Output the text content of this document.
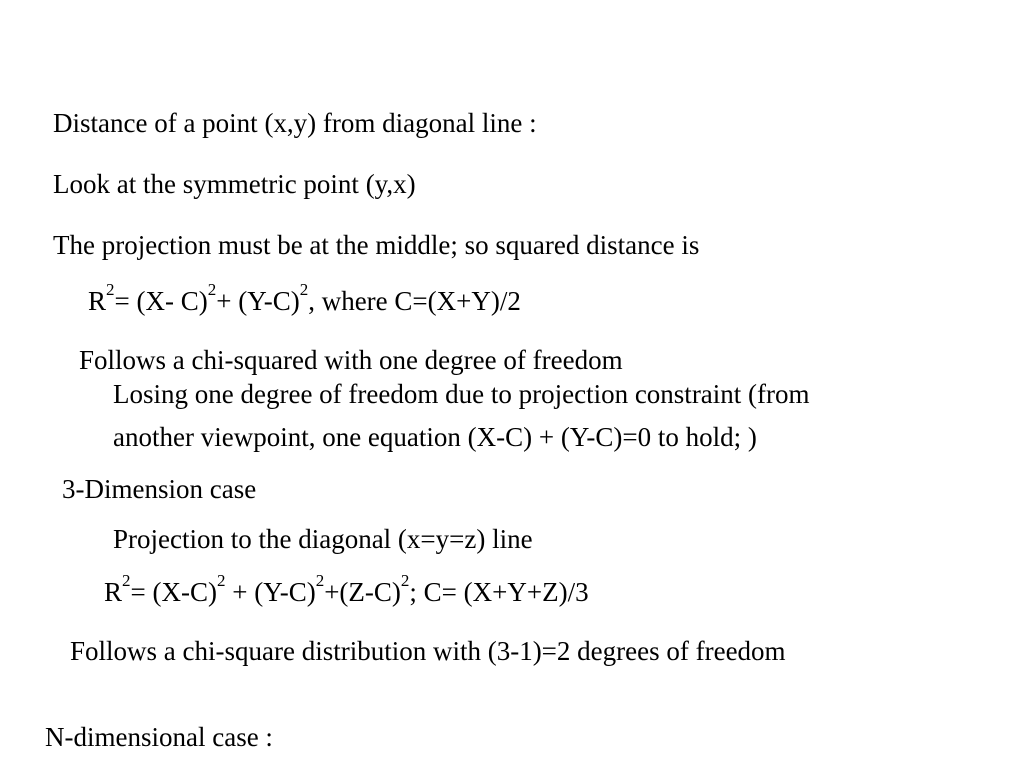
Distance of a point (x,y) from diagonal line :

Look at the symmetric point (y,x)

The projection must be at the middle; so squared distance is

$R^2= (X-$ $C)^2+ (Y-C)^2$, where C=(X+Y)/2

Follows a chi-squared with one degree of freedom

Losing one degree of freedom due to projection constraint (from

another viewpoint, one equation (X-C) + (Y-C)=0 to hold; )

3-Dimension case

Projection to the diagonal (x=y=z) line

$R^2= (X-C)^2 + (Y-C)^2+(Z-C)^2$; C= (X+Y+Z)/3

Follows a chi-square distribution with (3-1)=2 degrees of freedom

N-dimensional case :
